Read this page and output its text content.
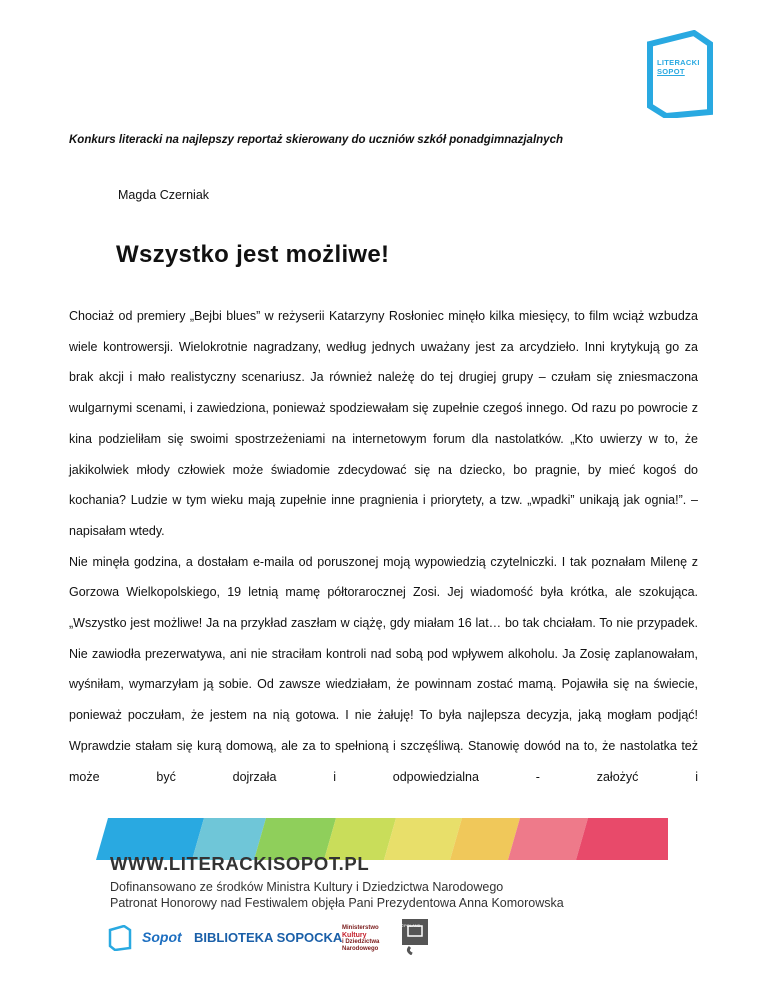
LITERACKI
SOPOT
Konkurs literacki na najlepszy reportaż skierowany do uczniów szkół ponadgimnazjalnych
Magda Czerniak
Wszystko jest możliwe!

Chociaż od premiery „Bejbi blues” w reżyserii Katarzyny Rosłoniec minęło kilka miesięcy, to film wciąż wzbudza wiele kontrowersji. Wielokrotnie nagradzany, według jednych uważany jest za arcydzieło. Inni krytykują go za brak akcji i mało realistyczny scenariusz. Ja również należę do tej drugiej grupy – czułam się zniesmaczona wulgarnymi scenami, i zawiedziona, ponieważ spodziewałam się zupełnie czegoś innego. Od razu po powrocie z kina podzieliłam się swoimi spostrzeżeniami na internetowym forum dla nastolatków. „Kto uwierzy w to, że jakikolwiek młody człowiek może świadomie zdecydować się na dziecko, bo pragnie, by mieć kogoś do kochania? Ludzie w tym wieku mają zupełnie inne pragnienia i priorytety, a tzw. „wpadki” unikają jak ognia!”. – napisałam wtedy.

Nie minęła godzina, a dostałam e-maila od poruszonej moją wypowiedzią czytelniczki. I tak poznałam Milenę z Gorzowa Wielkopolskiego, 19 letnią mamę półtorarocznej Zosi. Jej wiadomość była krótka, ale szokująca. „Wszystko jest możliwe! Ja na przykład zaszłam w ciążę, gdy miałam 16 lat… bo tak chciałam. To nie przypadek. Nie zawiodła prezerwatywa, ani nie straciłam kontroli nad sobą pod wpływem alkoholu. Ja Zosię zaplanowałam, wyśniłam, wymarzyłam ją sobie. Od zawsze wiedziałam, że powinnam zostać mamą. Pojawiła się na świecie, ponieważ poczułam, że jestem na nią gotowa. I nie żałuję! To była najlepsza decyzja, jaką mogłam podjąć! Wprawdzie stałam się kurą domową, ale za to spełnioną i szczęśliwą. Stanowię dowód na to, że nastolatka też może być dojrzała i odpowiedzialna - założyć i

WWW.LITERACKISOPOT.PL
Dofinansowano ze środków Ministra Kultury i Dziedzictwa Narodowego
Patronat Honorowy nad Festiwalem objęła Pani Prezydentowa Anna Komorowska
Sopot BIBLIOTEKA SOPOCKA
Ministerstwo
Kultury
i Dziedzictwa
Narodowego
©POLAND
